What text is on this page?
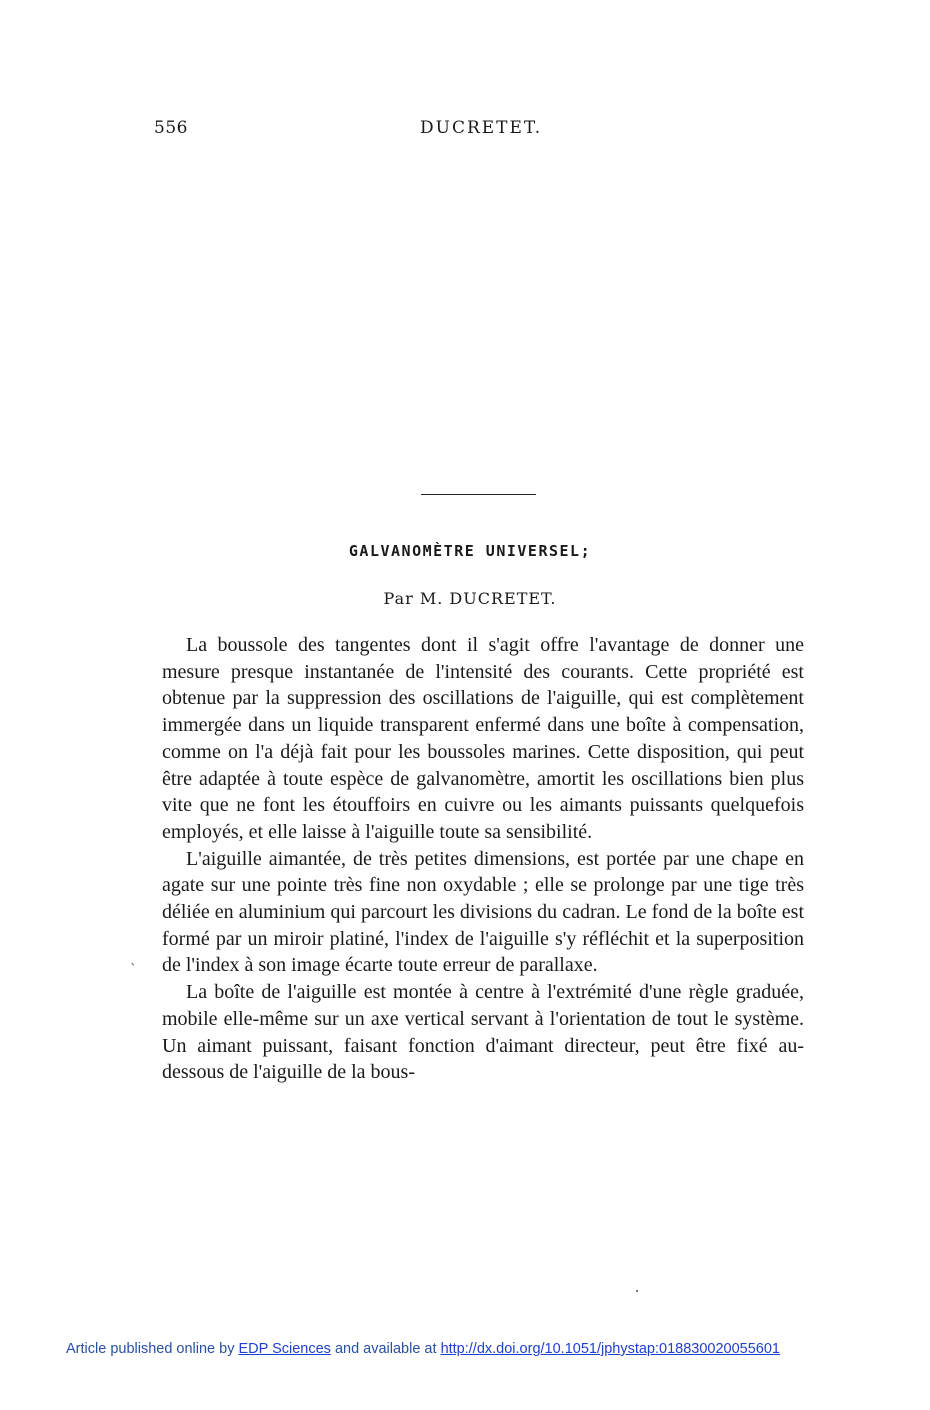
556	DUCRETET.
GALVANOMÈTRE UNIVERSEL;
Par M. DUCRETET.

La boussole des tangentes dont il s'agit offre l'avantage de donner une mesure presque instantanée de l'intensité des courants. Cette propriété est obtenue par la suppression des oscillations de l'aiguille, qui est complètement immergée dans un liquide transparent enfermé dans une boîte à compensation, comme on l'a déjà fait pour les boussoles marines. Cette disposition, qui peut être adaptée à toute espèce de galvanomètre, amortit les oscillations bien plus vite que ne font les étouffoirs en cuivre ou les aimants puissants quelquefois employés, et elle laisse à l'aiguille toute sa sensibilité.

L'aiguille aimantée, de très petites dimensions, est portée par une chape en agate sur une pointe très fine non oxydable ; elle se prolonge par une tige très déliée en aluminium qui parcourt les divisions du cadran. Le fond de la boîte est formé par un miroir platiné, l'index de l'aiguille s'y réfléchit et la superposition de l'index à son image écarte toute erreur de parallaxe.

La boîte de l'aiguille est montée à centre à l'extrémité d'une règle graduée, mobile elle-même sur un axe vertical servant à l'orientation de tout le système. Un aimant puissant, faisant fonction d'aimant directeur, peut être fixé au-dessous de l'aiguille de la bous-

ˋ
Article published online by EDP Sciences and available at http://dx.doi.org/10.1051/jphystap:018830020055601
